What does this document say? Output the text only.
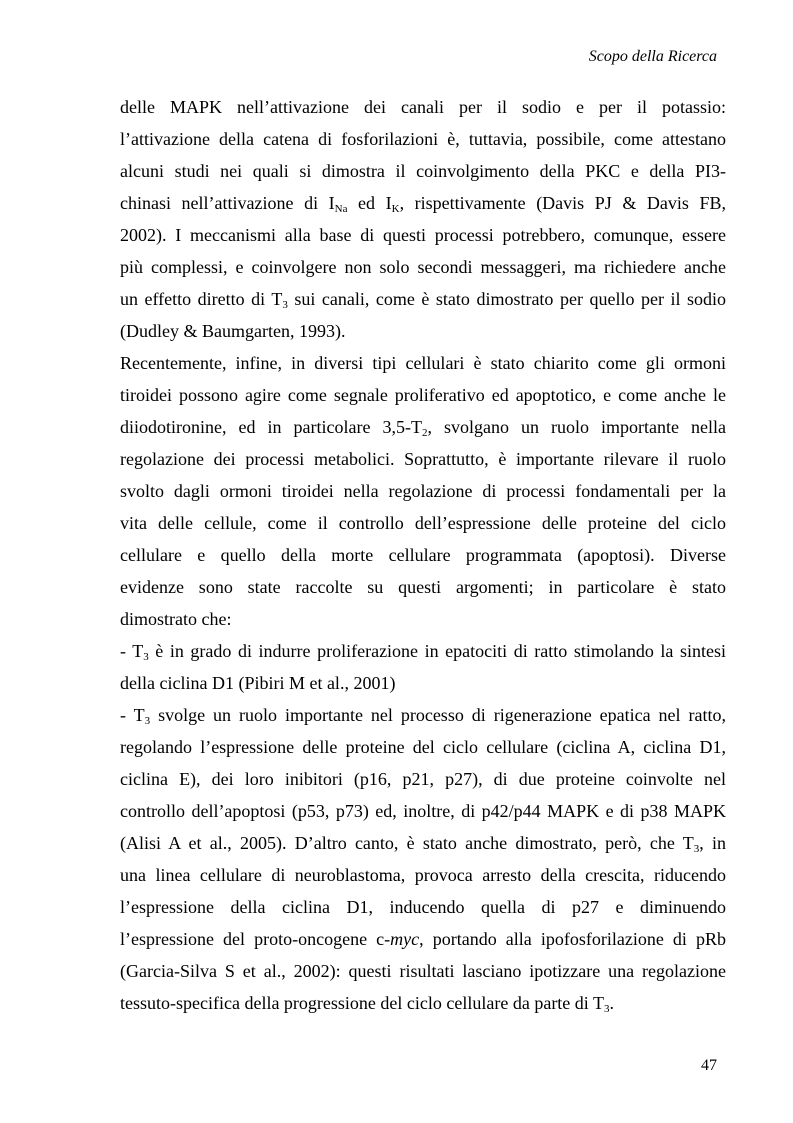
Scopo della Ricerca
delle MAPK nell’attivazione dei canali per il sodio e per il potassio:
l’attivazione della catena di fosforilazioni è, tuttavia, possibile, come attestano
alcuni studi nei quali si dimostra il coinvolgimento della PKC e della PI3-
chinasi nell’attivazione di $I_{Na}$ ed $I_K$, rispettivamente (Davis PJ & Davis FB,
2002). I meccanismi alla base di questi processi potrebbero, comunque, essere
più complessi, e coinvolgere non solo secondi messaggeri, ma richiedere anche
un effetto diretto di $T_3$ sui canali, come è stato dimostrato per quello per il sodio
(Dudley & Baumgarten, 1993).
Recentemente, infine, in diversi tipi cellulari è stato chiarito come gli ormoni
tiroidei possono agire come segnale proliferativo ed apoptotico, e come anche le
diiodotironine, ed in particolare $3,5-T_2$, svolgano un ruolo importante nella
regolazione dei processi metabolici. Soprattutto, è importante rilevare il ruolo
svolto dagli ormoni tiroidei nella regolazione di processi fondamentali per la
vita delle cellule, come il controllo dell’espressione delle proteine del ciclo
cellulare e quello della morte cellulare programmata (apoptosi). Diverse
evidenze sono state raccolte su questi argomenti; in particolare è stato
dimostrato che:
- $T_3$ è in grado di indurre proliferazione in epatociti di ratto stimolando la sintesi
della ciclina D1 (Pibiri M et al., 2001)
- $T_3$ svolge un ruolo importante nel processo di rigenerazione epatica nel ratto,
regolando l’espressione delle proteine del ciclo cellulare (ciclina A, ciclina D1,
ciclina E), dei loro inibitori (p16, p21, p27), di due proteine coinvolte nel
controllo dell’apoptosi (p53, p73) ed, inoltre, di p42/p44 MAPK e di p38 MAPK
(Alisi A et al., 2005). D’altro canto, è stato anche dimostrato, però, che $T_3$, in
una linea cellulare di neuroblastoma, provoca arresto della crescita, riducendo
l’espressione della ciclina D1, inducendo quella di p27 e diminuendo
l’espressione del proto-oncogene c-myc, portando alla ipofosforilazione di pRb
(Garcia-Silva S et al., 2002): questi risultati lasciano ipotizzare una regolazione
tessuto-specifica della progressione del ciclo cellulare da parte di $T_3$.
47
